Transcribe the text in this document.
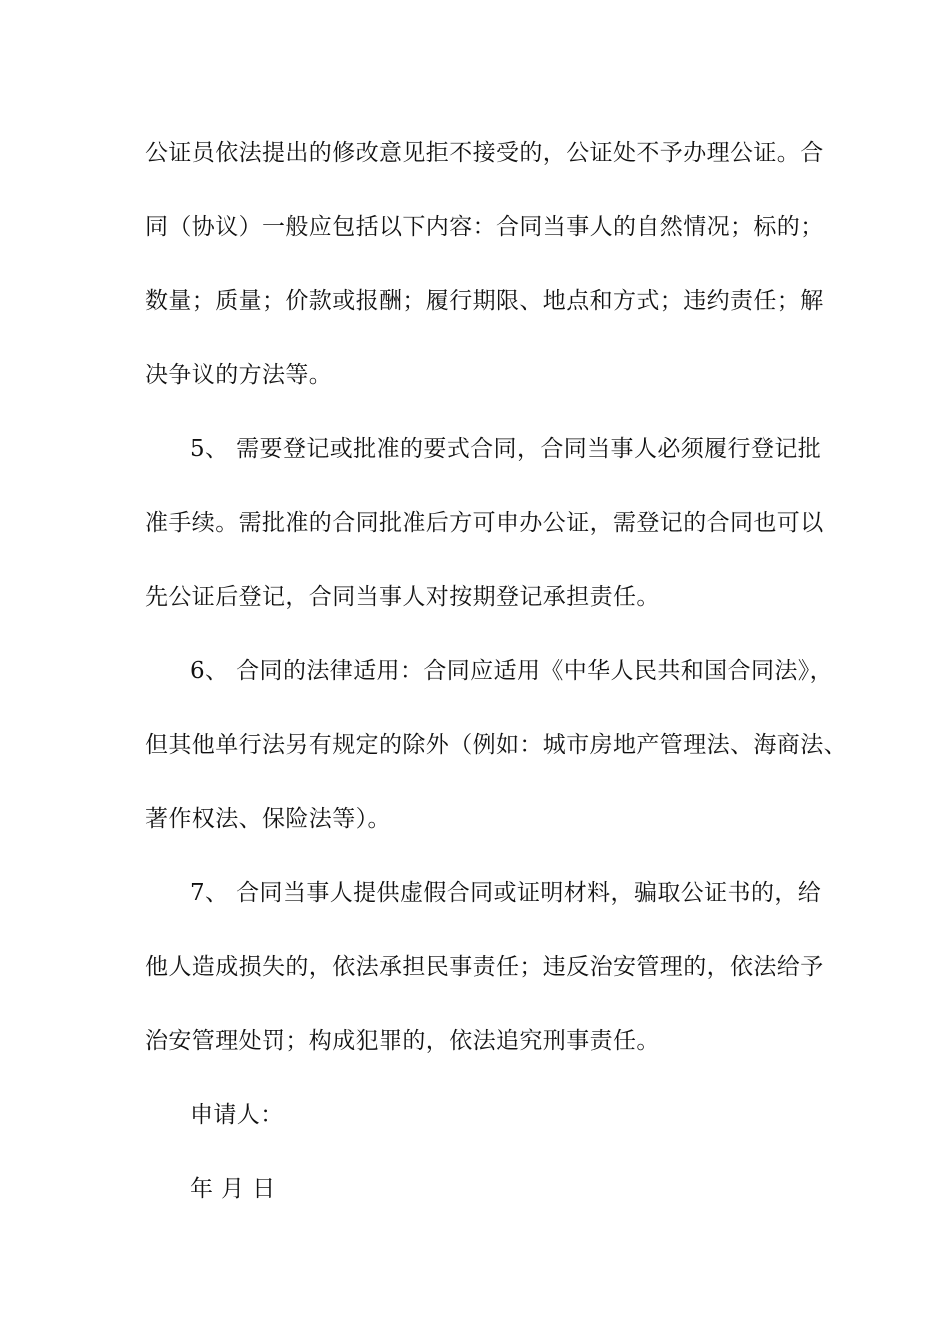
公证员依法提出的修改意见拒不接受的，公证处不予办理公证。合
同（协议）一般应包括以下内容：合同当事人的自然情况；标的；
数量；质量；价款或报酬；履行期限、地点和方式；违约责任；解
决争议的方法等。
5、 需要登记或批准的要式合同，合同当事人必须履行登记批
准手续。需批准的合同批准后方可申办公证，需登记的合同也可以
先公证后登记，合同当事人对按期登记承担责任。
6、 合同的法律适用：合同应适用《中华人民共和国合同法》，
但其他单行法另有规定的除外（例如：城市房地产管理法、海商法、
著作权法、保险法等）。
7、 合同当事人提供虚假合同或证明材料，骗取公证书的，给
他人造成损失的，依法承担民事责任；违反治安管理的，依法给予
治安管理处罚；构成犯罪的，依法追究刑事责任。
申请人：
年 月 日
